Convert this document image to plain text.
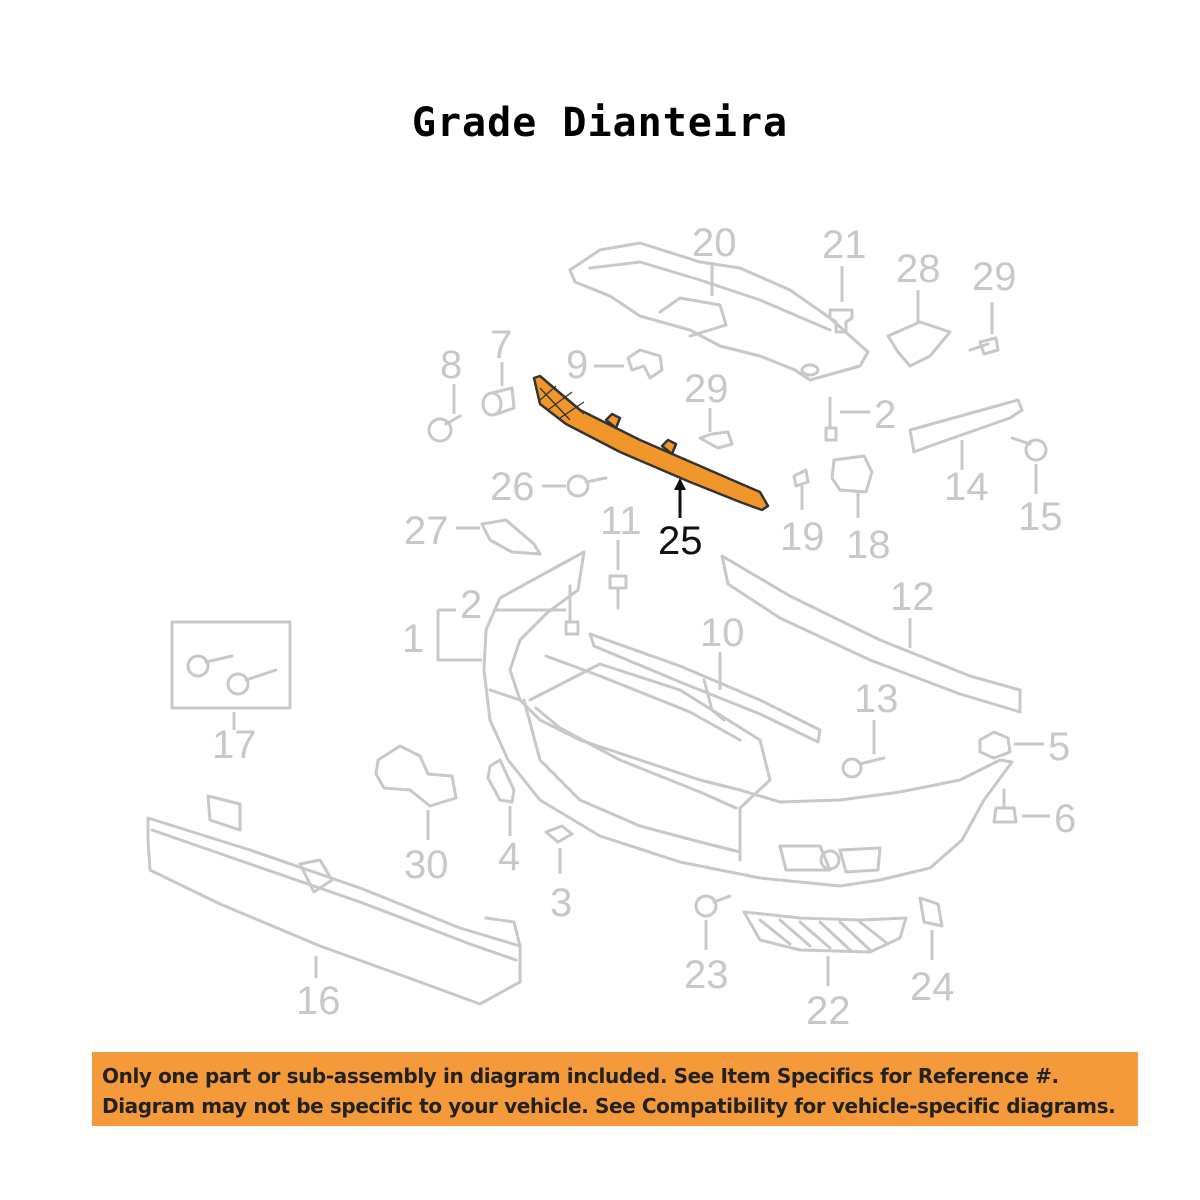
Grade Dianteira
20 21
28 29
8 7 9
29
2
14
15
19 18
26
27	11
12
10
1
2
13
5
6
17
30 4
3
16
23
22
24
25
Only one part or sub-assembly in diagram included. See Item Specifics for Reference #.
Diagram may not be specific to your vehicle. See Compatibility for vehicle-specific diagrams.
